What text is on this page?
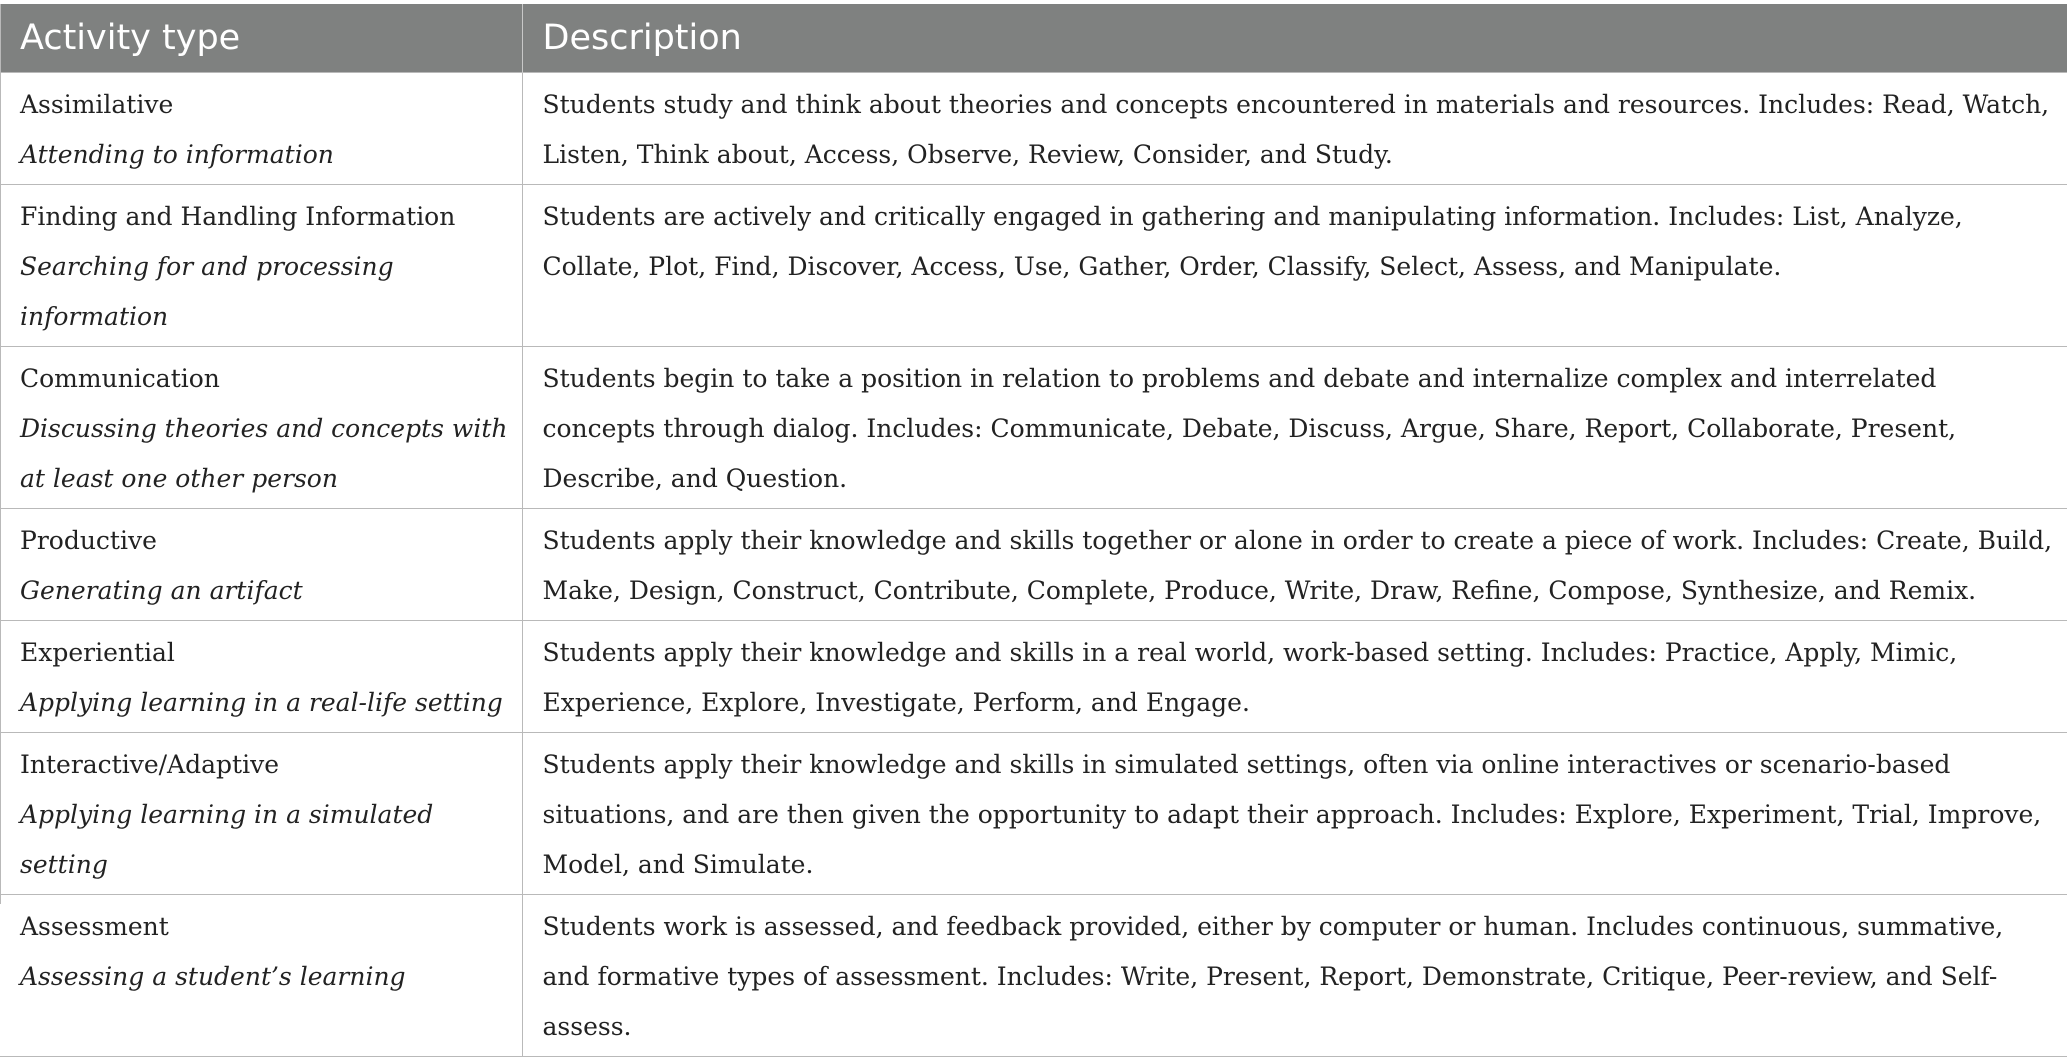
Activity type	Description

Assimilative
Attending to information	Students study and think about theories and concepts encountered in materials and resources. Includes: Read, Watch, Listen, Think about, Access, Observe, Review, Consider, and Study.

Finding and Handling Information
Searching for and processing information	Students are actively and critically engaged in gathering and manipulating information. Includes: List, Analyze, Collate, Plot, Find, Discover, Access, Use, Gather, Order, Classify, Select, Assess, and Manipulate.

Communication
Discussing theories and concepts with at least one other person	Students begin to take a position in relation to problems and debate and internalize complex and interrelated concepts through dialog. Includes: Communicate, Debate, Discuss, Argue, Share, Report, Collaborate, Present, Describe, and Question.

Productive
Generating an artifact	Students apply their knowledge and skills together or alone in order to create a piece of work. Includes: Create, Build, Make, Design, Construct, Contribute, Complete, Produce, Write, Draw, Refine, Compose, Synthesize, and Remix.

Experiential
Applying learning in a real-life setting	Students apply their knowledge and skills in a real world, work-based setting. Includes: Practice, Apply, Mimic, Experience, Explore, Investigate, Perform, and Engage.

Interactive/Adaptive
Applying learning in a simulated setting	Students apply their knowledge and skills in simulated settings, often via online interactives or scenario-based situations, and are then given the opportunity to adapt their approach. Includes: Explore, Experiment, Trial, Improve, Model, and Simulate.

Assessment
Assessing a student’s learning	Students work is assessed, and feedback provided, either by computer or human. Includes continuous, summative, and formative types of assessment. Includes: Write, Present, Report, Demonstrate, Critique, Peer-review, and Self-assess.
